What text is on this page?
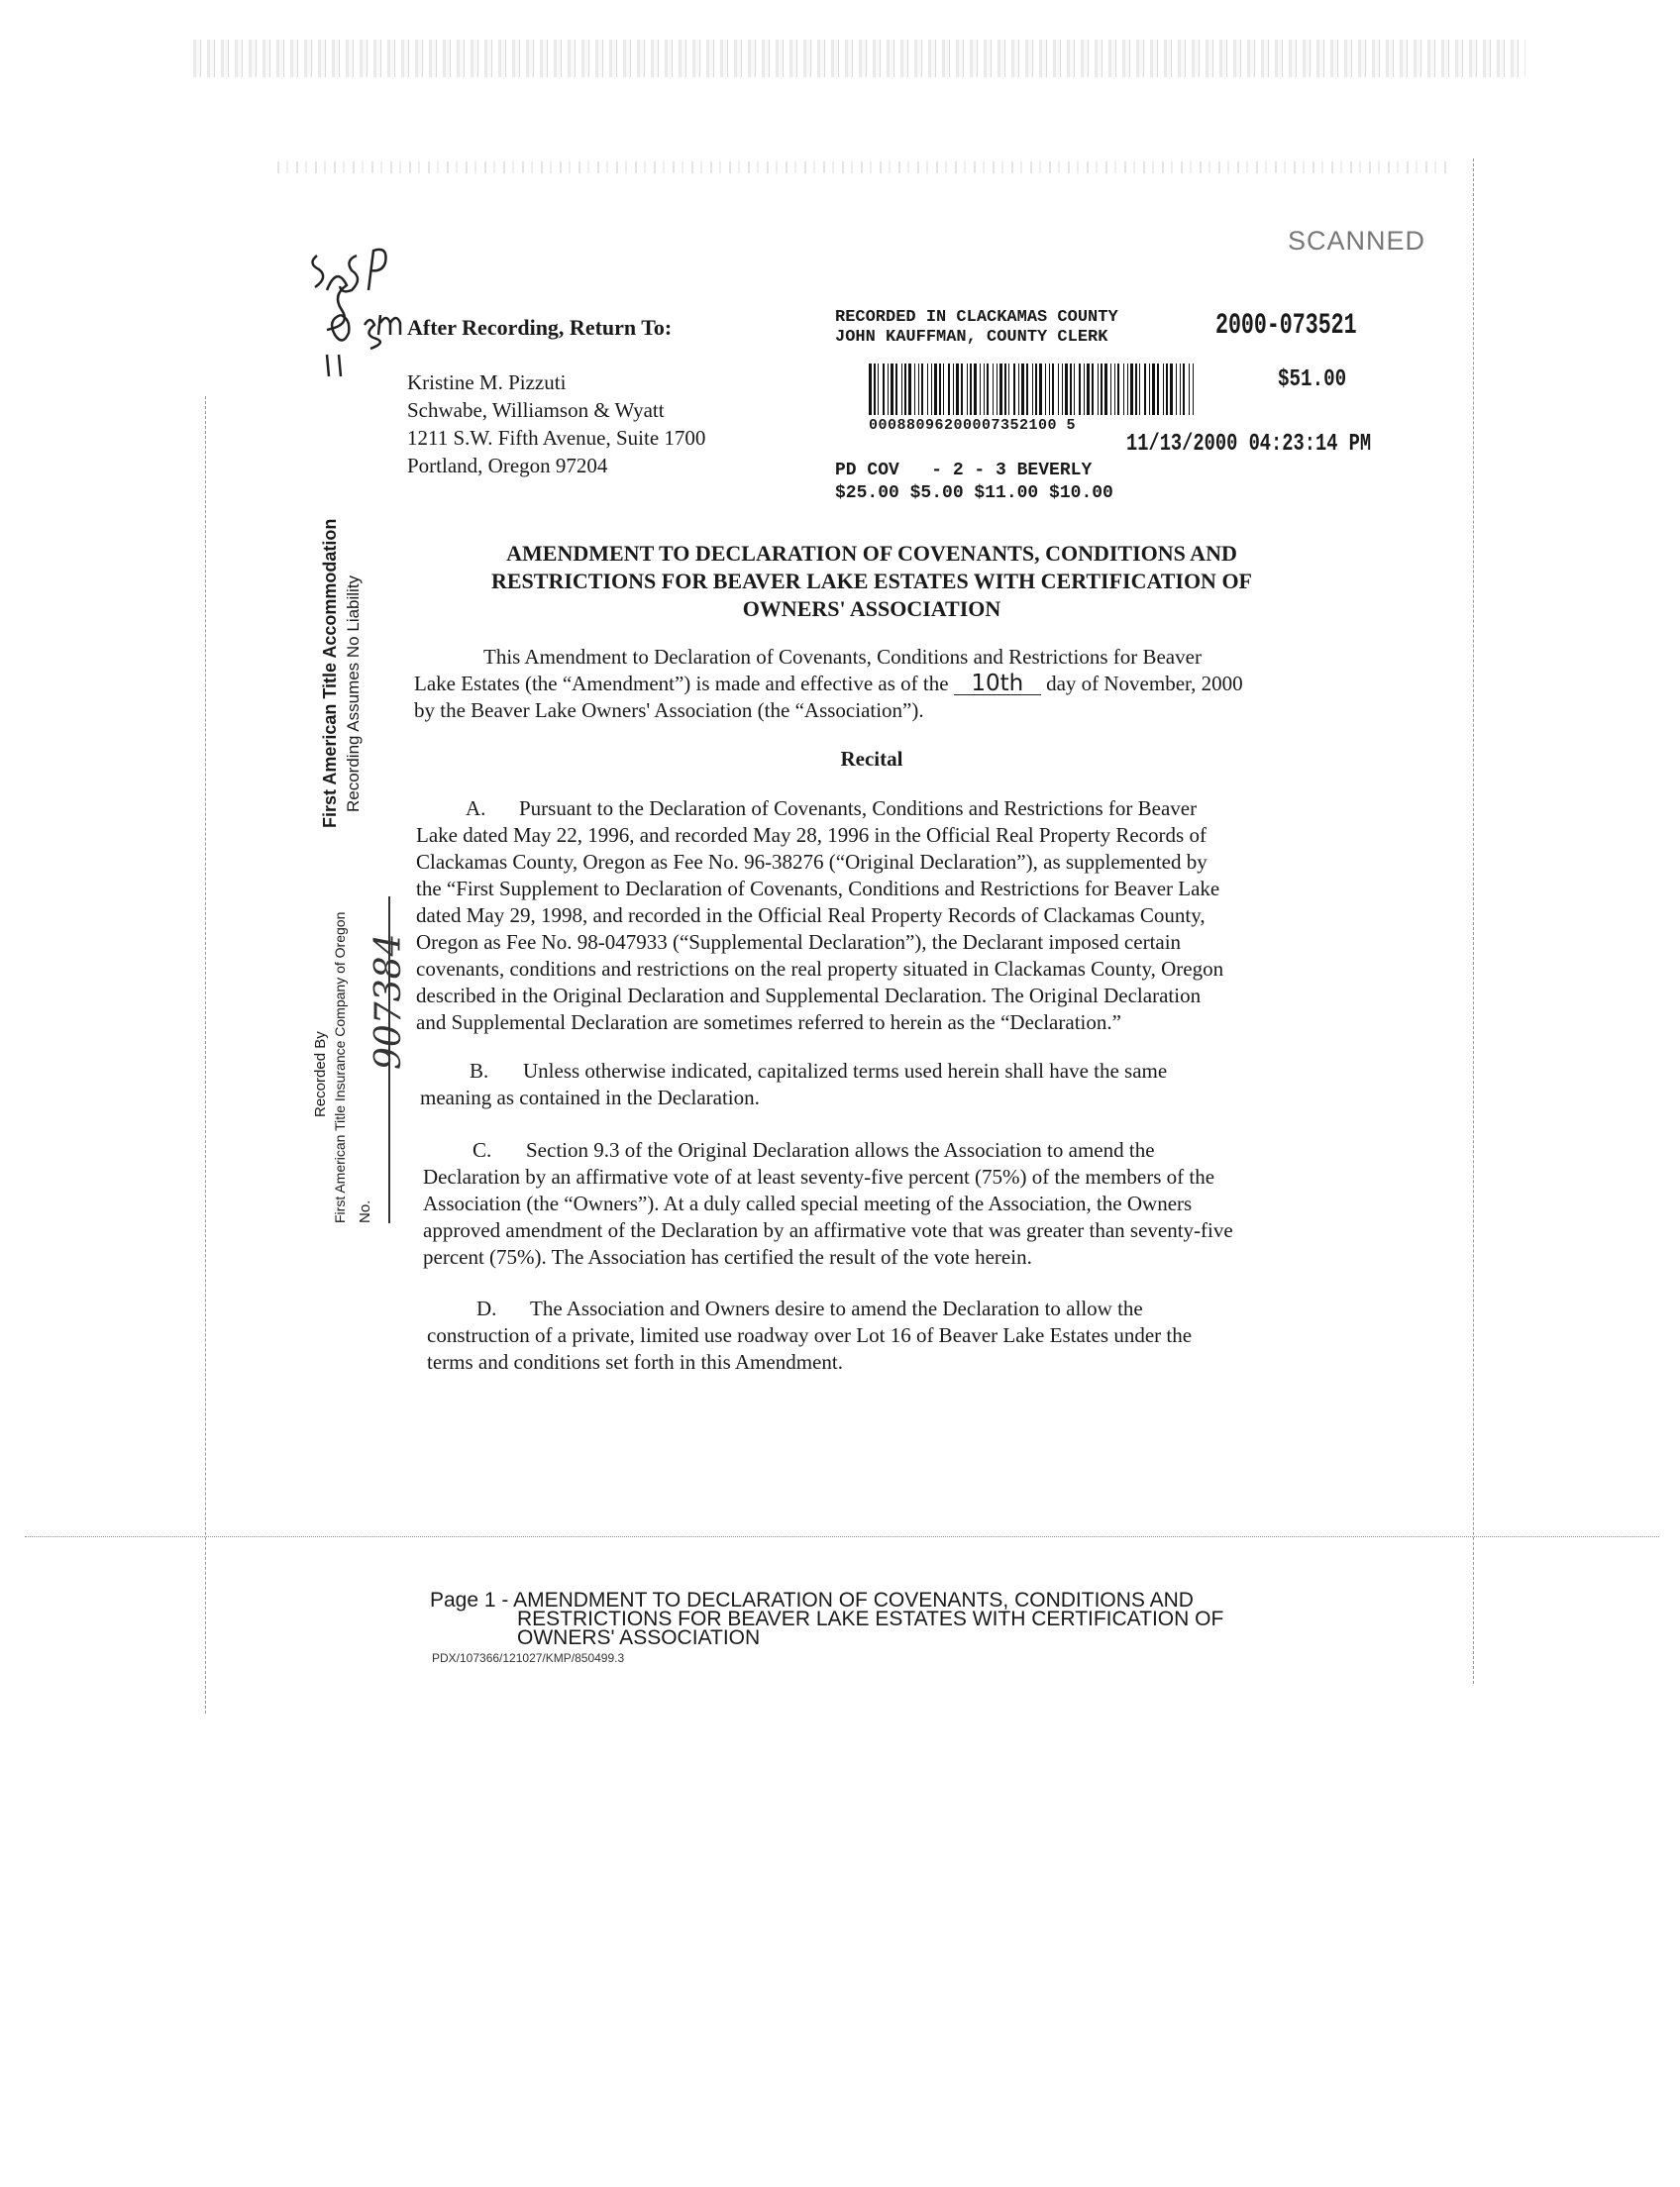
SCANNED
After Recording, Return To:
Kristine M. Pizzuti
Schwabe, Williamson & Wyatt
1211 S.W. Fifth Avenue, Suite 1700
Portland, Oregon 97204
RECORDED IN CLACKAMAS COUNTY
JOHN KAUFFMAN, COUNTY CLERK	2000-073521
00088096200007352100 5
$51.00
11/13/2000 04:23:14 PM
PD COV   - 2 - 3 BEVERLY
$25.00 $5.00 $11.00 $10.00
First American Title Accommodation Recording Assumes No Liability
Recorded By First American Title Insurance Company of Oregon No.
907384
AMENDMENT TO DECLARATION OF COVENANTS, CONDITIONS AND
RESTRICTIONS FOR BEAVER LAKE ESTATES WITH CERTIFICATION OF
OWNERS' ASSOCIATION
This Amendment to Declaration of Covenants, Conditions and Restrictions for Beaver
Lake Estates (the “Amendment”) is made and effective as of the 10th day of November, 2000
by the Beaver Lake Owners' Association (the “Association”).
Recital
A. Pursuant to the Declaration of Covenants, Conditions and Restrictions for Beaver
Lake dated May 22, 1996, and recorded May 28, 1996 in the Official Real Property Records of
Clackamas County, Oregon as Fee No. 96-38276 (“Original Declaration”), as supplemented by
the “First Supplement to Declaration of Covenants, Conditions and Restrictions for Beaver Lake
dated May 29, 1998, and recorded in the Official Real Property Records of Clackamas County,
Oregon as Fee No. 98-047933 (“Supplemental Declaration”), the Declarant imposed certain
covenants, conditions and restrictions on the real property situated in Clackamas County, Oregon
described in the Original Declaration and Supplemental Declaration. The Original Declaration
and Supplemental Declaration are sometimes referred to herein as the “Declaration.”
B. Unless otherwise indicated, capitalized terms used herein shall have the same
meaning as contained in the Declaration.
C. Section 9.3 of the Original Declaration allows the Association to amend the
Declaration by an affirmative vote of at least seventy-five percent (75%) of the members of the
Association (the “Owners”). At a duly called special meeting of the Association, the Owners
approved amendment of the Declaration by an affirmative vote that was greater than seventy-five
percent (75%). The Association has certified the result of the vote herein.
D. The Association and Owners desire to amend the Declaration to allow the
construction of a private, limited use roadway over Lot 16 of Beaver Lake Estates under the
terms and conditions set forth in this Amendment.
Page 1 - AMENDMENT TO DECLARATION OF COVENANTS, CONDITIONS AND
RESTRICTIONS FOR BEAVER LAKE ESTATES WITH CERTIFICATION OF
OWNERS' ASSOCIATION
PDX/107366/121027/KMP/850499.3
